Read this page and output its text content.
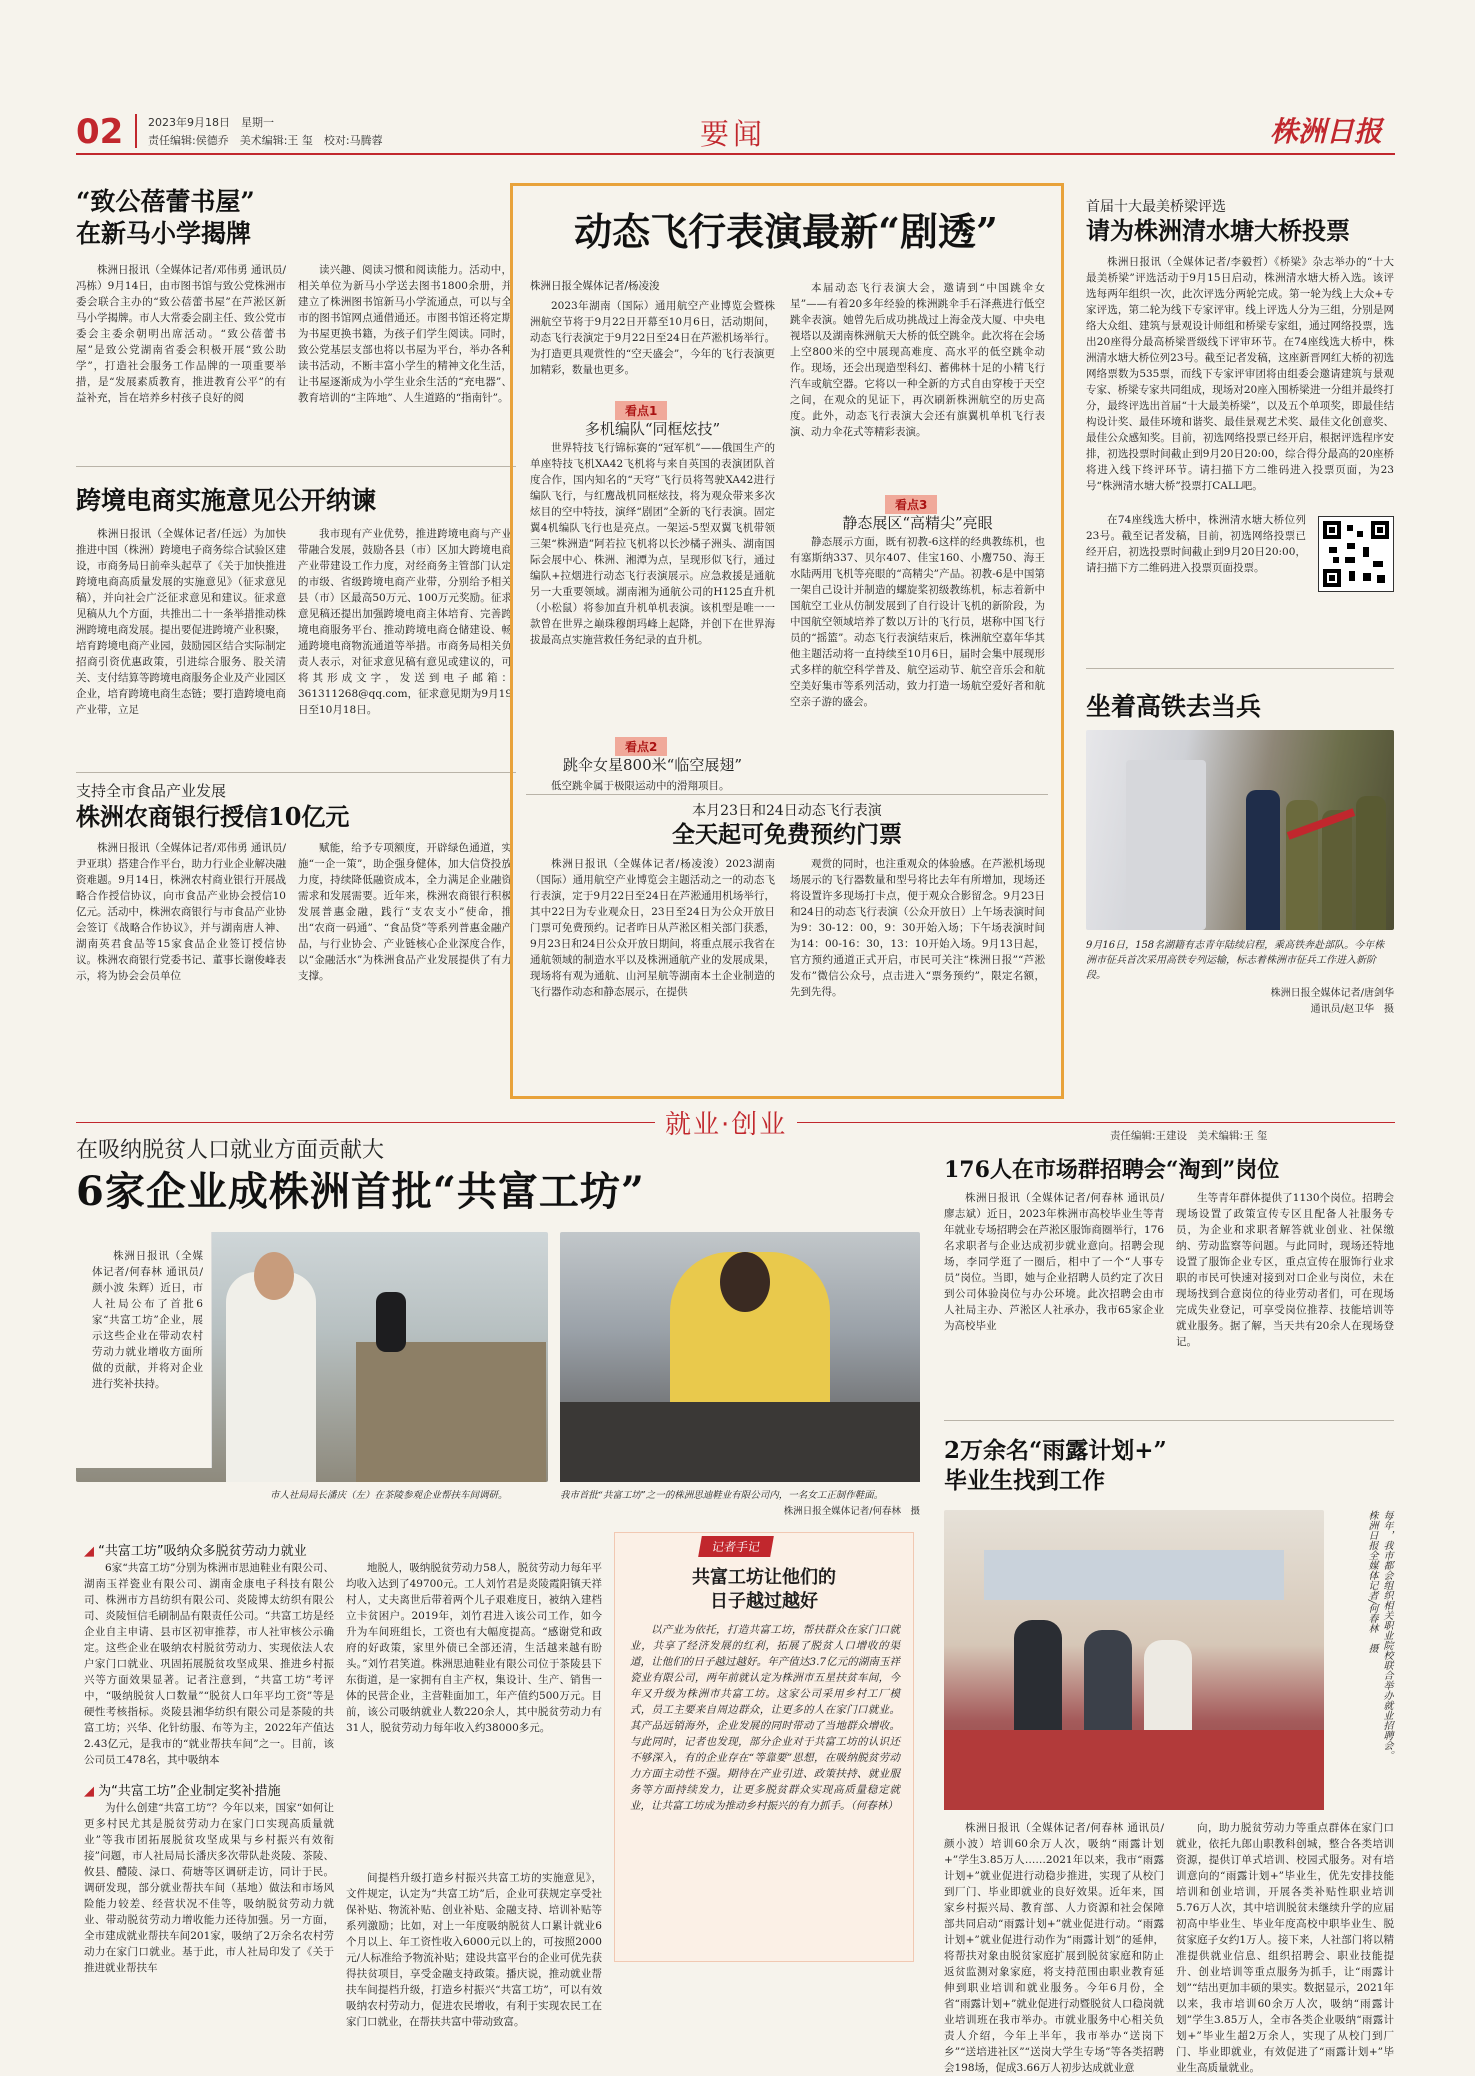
02 2023年9月18日　 星期一
责任编辑:侯德乔　美术编辑:王 玺　校对:马腾蓉	要闻	株洲日报
“致公蓓蕾书屋”
在新马小学揭牌

株洲日报讯（全媒体记者/邓伟勇 通讯员/冯栋）9月14日，由市图书馆与致公党株洲市委会联合主办的“致公蓓蕾书屋”在芦淞区新马小学揭牌。市人大常委会副主任、致公党市委会主委余朝明出席活动。“致公蓓蕾书屋”是致公党湖南省委会积极开展“致公助学”，打造社会服务工作品牌的一项重要举措，是“发展素质教育，推进教育公平”的有益补充，旨在培养乡村孩子良好的阅

读兴趣、阅读习惯和阅读能力。活动中，相关单位为新马小学送去图书1800余册，并建立了株洲图书馆新马小学流通点，可以与全市的图书馆网点通借通还。市图书馆还将定期为书屋更换书籍，为孩子们学生阅读。同时，致公党基层支部也将以书屋为平台，举办各种读书活动，不断丰富小学生的精神文化生活，让书屋逐渐成为小学生业余生活的“充电器”、教育培训的“主阵地”、人生道路的“指南针”。

跨境电商实施意见公开纳谏

株洲日报讯（全媒体记者/任远）为加快推进中国（株洲）跨境电子商务综合试验区建设，市商务局日前牵头起草了《关于加快推进跨境电商高质量发展的实施意见》（征求意见稿），并向社会广泛征求意见和建议。征求意见稿从九个方面，共推出二十一条举措推动株洲跨境电商发展。提出要促进跨境产业积聚，培育跨境电商产业园，鼓励园区结合实际制定招商引资优惠政策，引进综合服务、股关清关、支付结算等跨境电商服务企业及产业园区企业，培育跨境电商生态链；要打造跨境电商产业带，立足

我市现有产业优势，推进跨境电商与产业带融合发展，鼓励各县（市）区加大跨境电商产业带建设工作力度，对经商务主管部门认定的市级、省级跨境电商产业带，分别给予相关县（市）区最高50万元、100万元奖励。征求意见稿还提出加强跨境电商主体培育、完善跨境电商服务平台、推动跨境电商仓储建设、畅通跨境电商物流通道等举措。市商务局相关负责人表示，对征求意见稿有意见或建议的，可将其形成文字，发送到电子邮箱：361311268@qq.com，征求意见期为9月19日至10月18日。

支持全市食品产业发展
株洲农商银行授信10亿元

株洲日报讯（全媒体记者/邓伟勇 通讯员/尹亚琪）搭建合作平台，助力行业企业解决融资难题。9月14日，株洲农村商业银行开展战略合作授信协议，向市食品产业协会授信10亿元。活动中，株洲农商银行与市食品产业协会签订《战略合作协议》，并与湖南唐人神、湖南英君食品等15家食品企业签订授信协议。株洲农商银行党委书记、董事长谢俊峰表示，将为协会会员单位

赋能，给予专项额度，开辟绿色通道，实施“一企一策”，助企强身健体，加大信贷投放力度，持续降低融资成本，全力满足企业融资需求和发展需要。近年来，株洲农商银行积极发展普惠金融，践行“支农支小”使命，推出“农商一码通”、“食品贷”等系列普惠金融产品，与行业协会、产业链核心企业深度合作，以“金融活水”为株洲食品产业发展提供了有力支撑。

动态飞行表演最新“剧透”
株洲日报全媒体记者/杨凌浚

2023年湖南（国际）通用航空产业博览会暨株洲航空节将于9月22日开幕至10月6日，活动期间，动态飞行表演定于9月22日至24日在芦淞机场举行。为打造更具观赏性的“空天盛会”，今年的飞行表演更加精彩，数量也更多。

看点1
多机编队“同框炫技”

世界特技飞行锦标赛的“冠军机”——俄国生产的单座特技飞机XA42飞机将与来自英国的表演团队首度合作，国内知名的“天穹”飞行员将驾驶XA42进行编队飞行，与红鹰战机同框炫技，将为观众带来多次炫目的空中特技，演绎“剧团”全新的飞行表演。固定翼4机编队飞行也是亮点。一架运-5型双翼飞机带领三架“株洲造”阿若拉飞机将以长沙橘子洲头、湖南国际会展中心、株洲、湘潭为点，呈现形似飞行，通过编队+拉烟进行动态飞行表演展示。应急救援是通航另一大重要领域。湖南湘为通航公司的H125直升机（小松鼠）将参加直升机单机表演。该机型是唯一一款曾在世界之巅珠穆朗玛峰上起降，并创下在世界海拔最高点实施营救任务纪录的直升机。

看点2
跳伞女星800米“临空展翅”

低空跳伞属于极限运动中的滑翔项目。

本届动态飞行表演大会，邀请到“中国跳伞女星”——有着20多年经验的株洲跳伞手石泽燕进行低空跳伞表演。她曾先后成功挑战过上海金茂大厦、中央电视塔以及湖南株洲航天大桥的低空跳伞。此次将在会场上空800米的空中展现高难度、高水平的低空跳伞动作。现场，还会出现造型科幻、蓄佛林十足的小精飞行汽车或航空器。它将以一种全新的方式自由穿梭于天空之间，在观众的见证下，再次刷新株洲航空的历史高度。此外，动态飞行表演大会还有旗翼机单机飞行表演、动力伞花式等精彩表演。

看点3
静态展区“高精尖”亮眼

静态展示方面，既有初教-6这样的经典教练机，也有塞斯纳337、贝尔407、佳宝160、小鹰750、海王水陆两用飞机等亮眼的“高精尖”产品。初教-6是中国第一架自己设计并制造的螺旋桨初级教练机，标志着新中国航空工业从仿制发展到了自行设计飞机的新阶段，为中国航空领域培养了数以万计的飞行员，堪称中国飞行员的“摇篮”。动态飞行表演结束后，株洲航空嘉年华其他主题活动将一直持续至10月6日，届时会集中展现形式多样的航空科学普及、航空运动节、航空音乐会和航空美好集市等系列活动，致力打造一场航空爱好者和航空亲子游的盛会。

本月23日和24日动态飞行表演
全天起可免费预约门票

株洲日报讯（全媒体记者/杨凌浚）2023湖南（国际）通用航空产业博览会主题活动之一的动态飞行表演，定于9月22日至24日在芦淞通用机场举行，其中22日为专业观众日，23日至24日为公众开放日门票可免费预约。记者昨日从芦淞区相关部门获悉，9月23日和24日公众开放日期间，将重点展示我省在通航领域的制造水平以及株洲通航产业的发展成果，现场将有观为通航、山河星航等湖南本土企业制造的飞行器作动态和静态展示，在提供

观赏的同时，也注重观众的体验感。在芦淞机场现场展示的飞行器数量和型号将比去年有所增加，现场还将设置许多现场打卡点，便于观众合影留念。9月23日和24日的动态飞行表演（公众开放日）上午场表演时间为9：30-12：00，9：30开始入场；下午场表演时间为14：00-16：30，13：10开始入场。9月13日起，官方预约通道正式开启，市民可关注“株洲日报”“芦淞发布”微信公众号，点击进入“票务预约”，限定名额，先到先得。

首届十大最美桥梁评选
请为株洲清水塘大桥投票

株洲日报讯（全媒体记者/李毅哲）《桥梁》杂志举办的“十大最美桥梁”评选活动于9月15日启动，株洲清水塘大桥入选。该评选每两年组织一次，此次评选分两轮完成。第一轮为线上大众+专家评选，第二轮为线下专家评审。线上评选人分为三组，分别是网络大众组、建筑与景观设计师组和桥梁专家组，通过网络投票，选出20座得分最高桥梁晋级线下评审环节。在74座线选大桥中，株洲清水塘大桥位列23号。截至记者发稿，这座新晋网红大桥的初选网络票数为535票，而线下专家评审团将由组委会邀请建筑与景观专家、桥梁专家共同组成，现场对20座入围桥梁进一分组并最终打分，最终评选出首届“十大最美桥梁”，以及五个单项奖，即最佳结构设计奖、最佳环境和谐奖、最佳景观艺术奖、最佳文化创意奖、最佳公众感知奖。目前，初选网络投票已经开启，根据评选程序安排，初选投票时间截止到9月20日20:00，综合得分最高的20座桥将进入线下终评环节。请扫描下方二维码进入投票页面，为23号“株洲清水塘大桥”投票打CALL吧。

在74座线选大桥中，株洲清水塘大桥位列23号。截至记者发稿，目前，初选网络投票已经开启，初选投票时间截止到9月20日20:00，请扫描下方二维码进入投票页面投票。

坐着高铁去当兵
9月16日，158名湖籍有志青年陆续启程，乘高铁奔赴部队。今年株洲市征兵首次采用高铁专列运输，标志着株洲市征兵工作进入新阶段。
株洲日报全媒体记者/唐剑华
通讯员/赵卫华　摄
就业·创业	责任编辑:王建设　美术编辑:王 玺
在吸纳脱贫人口就业方面贡献大
6家企业成株洲首批“共富工坊”

株洲日报讯（全媒体记者/何春林 通讯员/颜小波 朱辉）近日，市人社局公布了首批6家“共富工坊”企业，展示这些企业在带动农村劳动力就业增收方面所做的贡献，并将对企业进行奖补扶持。

市人社局局长潘庆（左）在茶陵参观企业帮扶车间调研。	我市首批“共富工坊”之一的株洲思迪鞋业有限公司内，一名女工正制作鞋面。
株洲日报全媒体记者/何春林　摄
◢ “共富工坊”吸纳众多脱贫劳动力就业

6家“共富工坊”分别为株洲市思迪鞋业有限公司、湖南玉祥瓷业有限公司、湖南金康电子科技有限公司、株洲市方昌纺织有限公司、炎陵博太纺织有限公司、炎陵恒信毛刷制品有限责任公司。“共富工坊是经企业自主申请、县市区初审推荐，市人社审核公示确定。这些企业在吸纳农村脱贫劳动力、实现依法人农户家门口就业、巩固拓展脱贫攻坚成果、推进乡村振兴等方面效果显著。记者注意到，“共富工坊”考评中，“吸纳脱贫人口数量”“脱贫人口年平均工资”等是硬性考核指标。炎陵县湘华纺织有限公司是茶陵的共富工坊；兴华、化针纺服、布等为主，2022年产值达2.43亿元，是我市的“就业帮扶车间”之一。目前，该公司员工478名，其中吸纳本

地脱人，吸纳脱贫劳动力58人，脱贫劳动力每年平均收入达到了49700元。工人刘竹君是炎陵霞阳镇天祥村人，丈夫离世后带着两个儿子艰难度日，被纳入建档立卡贫困户。2019年，刘竹君进入该公司工作，如今升为车间班组长，工资也有大幅度提高。“感谢党和政府的好政策，家里外债已全部还清，生活越来越有盼头。”刘竹君笑道。株洲思迪鞋业有限公司位于茶陵县下东街道，是一家拥有自主产权，集设计、生产、销售一体的民营企业，主营鞋面加工，年产值约500万元。目前，该公司吸纳就业人数220余人，其中脱贫劳动力有31人，脱贫劳动力每年收入约38000多元。

◢ 为“共富工坊”企业制定奖补措施

为什么创建“共富工坊”？今年以来，国家“如何让更多村民尤其是脱贫劳动力在家门口实现高质量就业”等我市团拓展脱贫攻坚成果与乡村振兴有效衔接”问题，市人社局局长潘庆多次带队赴炎陵、茶陵、攸县、醴陵、渌口、荷塘等区调研走访，同计于民。调研发现，部分就业帮扶车间（基地）做法和市场风险能力较差、经营状况不佳等，吸纳脱贫劳动力就业、带动脱贫劳动力增收能力还待加强。另一方面，全市建成就业帮扶车间201家，吸纳了2万余名农村劳动力在家门口就业。基于此，市人社局印发了《关于推进就业帮扶车

间提档升级打造乡村振兴共富工坊的实施意见》，文件规定，认定为“共富工坊”后，企业可获规定享受社保补贴、物流补贴、创业补贴、金融支持、培训补贴等系列激励；比如，对上一年度吸纳脱贫人口累计就业6个月以上、年工资性收入6000元以上的，可按照2000元/人标准给予物流补贴；建设共富平台的企业可优先获得扶贫项目，享受金融支持政策。播庆说，推动就业帮扶车间提档升级，打造乡村振兴“共富工坊”，可以有效吸纳农村劳动力，促进农民增收，有利于实现农民工在家门口就业，在帮扶共富中带动致富。

记者手记
共富工坊让他们的
日子越过越好

以产业为依托，打造共富工坊，帮扶群众在家门口就业，共享了经济发展的红利，拓展了脱贫人口增收的渠道，让他们的日子越过越好。年产值达3.7亿元的湖南玉祥瓷业有限公司，两年前就认定为株洲市五星扶贫车间，今年又升级为株洲市共富工坊。这家公司采用乡村工厂模式，员工主要来自周边群众，让更多的人在家门口就业。其产品远销海外，企业发展的同时带动了当地群众增收。与此同时，记者也发现，部分企业对于共富工坊的认识还不够深入，有的企业存在“等靠要”思想，在吸纳脱贫劳动力方面主动性不强。期待在产业引进、政策扶持、就业服务等方面持续发力，让更多脱贫群众实现高质量稳定就业，让共富工坊成为推动乡村振兴的有力抓手。（何春林）

176人在市场群招聘会“淘到”岗位

株洲日报讯（全媒体记者/何春林 通讯员/廖志斌）近日，2023年株洲市高校毕业生等青年就业专场招聘会在芦淞区服饰商圈举行，176名求职者与企业达成初步就业意向。招聘会现场，李同学逛了一圈后，相中了一个“人事专员”岗位。当即，她与企业招聘人员约定了次日到公司体验岗位与办公环境。此次招聘会由市人社局主办、芦淞区人社承办，我市65家企业为高校毕业

生等青年群体提供了1130个岗位。招聘会现场设置了政策宣传专区且配备人社服务专员，为企业和求职者解答就业创业、社保缴纳、劳动监察等问题。与此同时，现场还特地设置了服饰企业专区，重点宣传在服饰行业求职的市民可快速对接到对口企业与岗位，未在现场找到合意岗位的待业劳动者们，可在现场完成失业登记，可享受岗位推荐、技能培训等就业服务。据了解，当天共有20余人在现场登记。

2万余名“雨露计划+”
毕业生找到工作
每年，我市都会组织相关职业院校联合举办就业招聘会。
株洲日报全媒体记者/何春林　摄

株洲日报讯（全媒体记者/何春林 通讯员/颜小波）培训60余万人次，吸纳“雨露计划+”学生3.85万人……2021年以来，我市“雨露计划+”就业促进行动稳步推进，实现了从校门到厂门、毕业即就业的良好效果。近年来，国家乡村振兴局、教育部、人力资源和社会保障部共同启动“雨露计划+”就业促进行动。“雨露计划+”就业促进行动作为“雨露计划”的延伸，将帮扶对象由脱贫家庭扩展到脱贫家庭和防止返贫监测对象家庭，将支持范围由职业教育延伸到职业培训和就业服务。今年6月份，全省“雨露计划+”就业促进行动暨脱贫人口稳岗就业培训班在我市举办。市就业服务中心相关负责人介绍，今年上半年，我市举办“送岗下乡”“送培进社区”“送岗大学生专场”等各类招聘会198场，促成3.66万人初步达成就业意

向，助力脱贫劳动力等重点群体在家门口就业，依托九郎山职教科创城，整合各类培训资源，提供订单式培训、校园式服务。对有培训意向的“雨露计划+”毕业生，优先安排技能培训和创业培训，开展各类补贴性职业培训5.76万人次，其中培训脱贫未继续升学的应届初高中毕业生、毕业年度高校中职毕业生、脱贫家庭子女约1万人。接下来，人社部门将以精准提供就业信息、组织招聘会、职业技能提升、创业培训等重点服务为抓手，让“雨露计划”“结出更加丰硕的果实。数据显示，2021年以来，我市培训60余万人次，吸纳“雨露计划”学生3.85万人，全市各类企业吸纳“雨露计划+”毕业生超2万余人，实现了从校门到厂门、毕业即就业，有效促进了“雨露计划+”毕业生高质量就业。
